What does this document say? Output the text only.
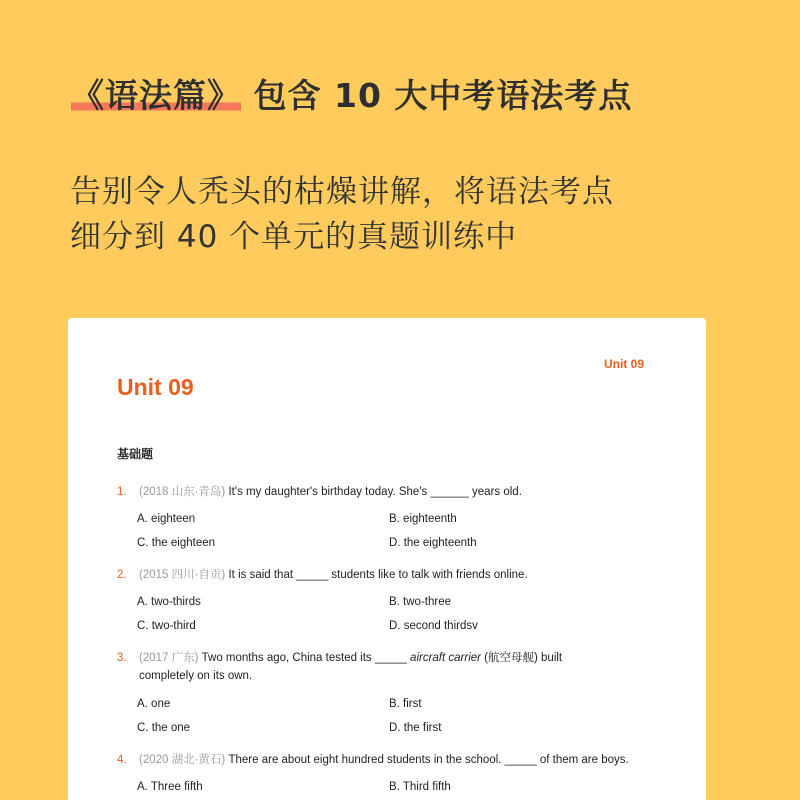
《语法篇》 包含 10 大中考语法考点
告别令人秃头的枯燥讲解，将语法考点
细分到 40 个单元的真题训练中
Unit 09
Unit 09
基础题
1. (2018 山东·青岛) It's my daughter's birthday today. She's ______ years old.
A. eighteen	B. eighteenth
C. the eighteen	D. the eighteenth
2. (2015 四川·自贡) It is said that _____ students like to talk with friends online.
A. two-thirds	B. two-three
C. two-third	D. second thirdsv
3. (2017 广东) Two months ago, China tested its _____ aircraft carrier (航空母舰) built
completely on its own.
A. one	B. first
C. the one	D. the first
4. (2020 湖北·黄石) There are about eight hundred students in the school. _____ of them are boys.
A. Three fifth	B. Third fifth
